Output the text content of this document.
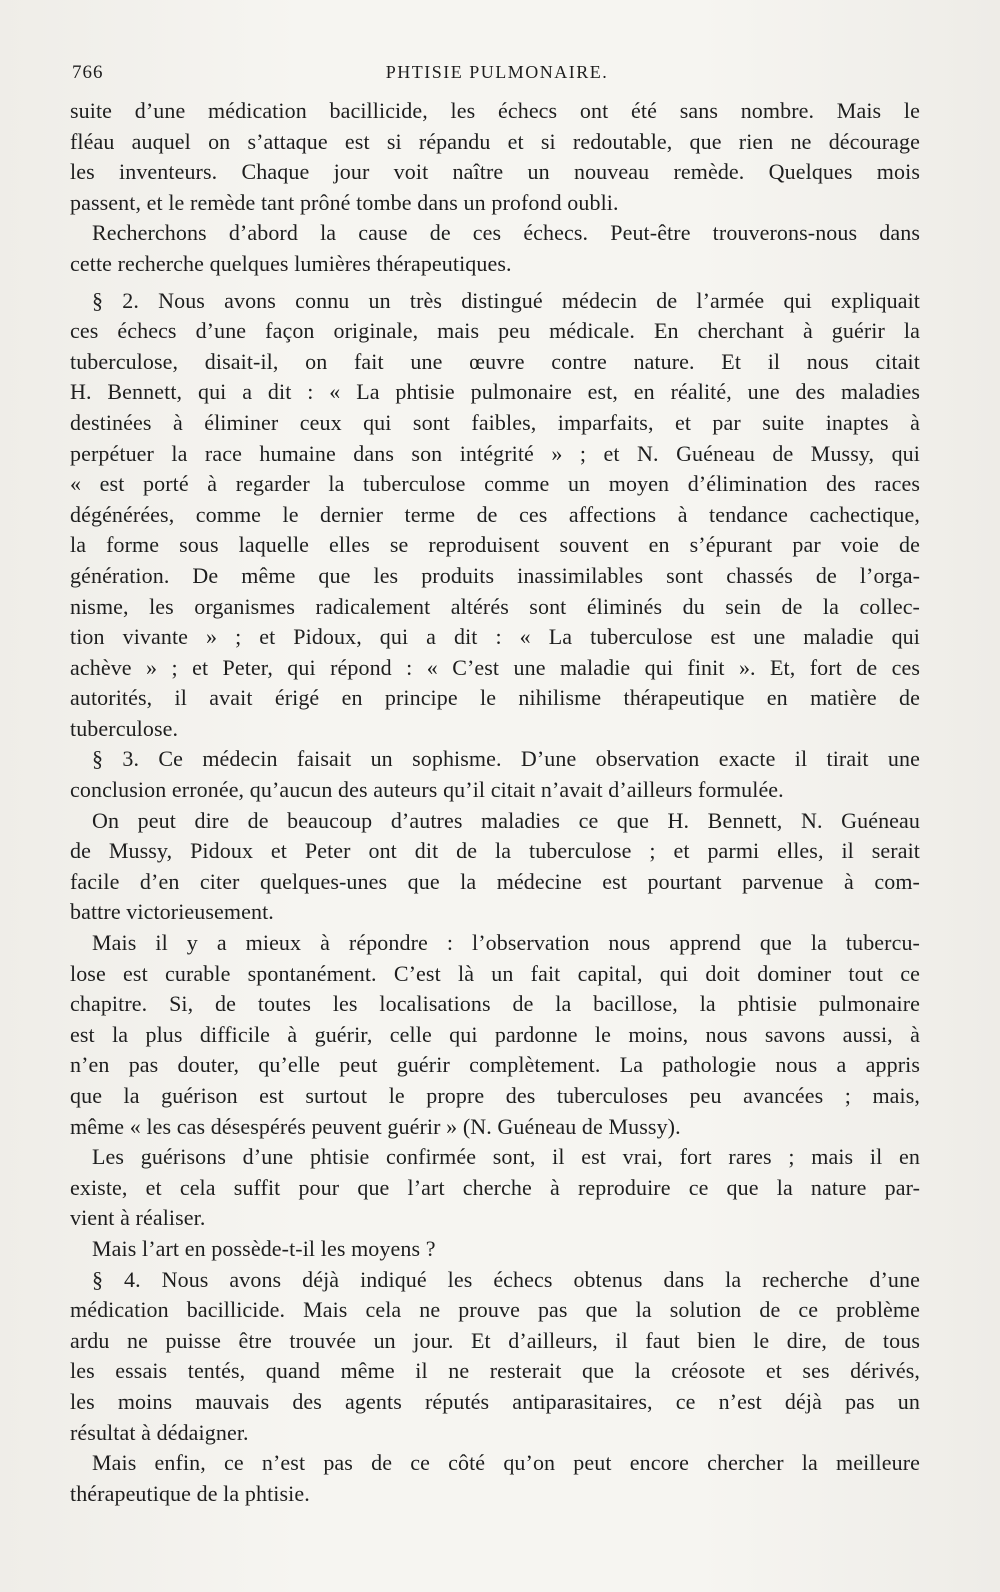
766	PHTISIE PULMONAIRE.
suite d’une médication bacillicide, les échecs ont été sans nombre. Mais le
fléau auquel on s’attaque est si répandu et si redoutable, que rien ne décourage
les inventeurs. Chaque jour voit naître un nouveau remède. Quelques mois
passent, et le remède tant prôné tombe dans un profond oubli.
Recherchons d’abord la cause de ces échecs. Peut-être trouverons-nous dans
cette recherche quelques lumières thérapeutiques.
§ 2. Nous avons connu un très distingué médecin de l’armée qui expliquait
ces échecs d’une façon originale, mais peu médicale. En cherchant à guérir la
tuberculose, disait-il, on fait une œuvre contre nature. Et il nous citait
H. Bennett, qui a dit : « La phtisie pulmonaire est, en réalité, une des maladies
destinées à éliminer ceux qui sont faibles, imparfaits, et par suite inaptes à
perpétuer la race humaine dans son intégrité » ; et N. Guéneau de Mussy, qui
« est porté à regarder la tuberculose comme un moyen d’élimination des races
dégénérées, comme le dernier terme de ces affections à tendance cachectique,
la forme sous laquelle elles se reproduisent souvent en s’épurant par voie de
génération. De même que les produits inassimilables sont chassés de l’orga-
nisme, les organismes radicalement altérés sont éliminés du sein de la collec-
tion vivante » ; et Pidoux, qui a dit : « La tuberculose est une maladie qui
achève » ; et Peter, qui répond : « C’est une maladie qui finit ». Et, fort de ces
autorités, il avait érigé en principe le nihilisme thérapeutique en matière de
tuberculose.
§ 3. Ce médecin faisait un sophisme. D’une observation exacte il tirait une
conclusion erronée, qu’aucun des auteurs qu’il citait n’avait d’ailleurs formulée.
On peut dire de beaucoup d’autres maladies ce que H. Bennett, N. Guéneau
de Mussy, Pidoux et Peter ont dit de la tuberculose ; et parmi elles, il serait
facile d’en citer quelques-unes que la médecine est pourtant parvenue à com-
battre victorieusement.
Mais il y a mieux à répondre : l’observation nous apprend que la tubercu-
lose est curable spontanément. C’est là un fait capital, qui doit dominer tout ce
chapitre. Si, de toutes les localisations de la bacillose, la phtisie pulmonaire
est la plus difficile à guérir, celle qui pardonne le moins, nous savons aussi, à
n’en pas douter, qu’elle peut guérir complètement. La pathologie nous a appris
que la guérison est surtout le propre des tuberculoses peu avancées ; mais,
même « les cas désespérés peuvent guérir » (N. Guéneau de Mussy).
Les guérisons d’une phtisie confirmée sont, il est vrai, fort rares ; mais il en
existe, et cela suffit pour que l’art cherche à reproduire ce que la nature par-
vient à réaliser.
Mais l’art en possède-t-il les moyens ?
§ 4. Nous avons déjà indiqué les échecs obtenus dans la recherche d’une
médication bacillicide. Mais cela ne prouve pas que la solution de ce problème
ardu ne puisse être trouvée un jour. Et d’ailleurs, il faut bien le dire, de tous
les essais tentés, quand même il ne resterait que la créosote et ses dérivés,
les moins mauvais des agents réputés antiparasitaires, ce n’est déjà pas un
résultat à dédaigner.
Mais enfin, ce n’est pas de ce côté qu’on peut encore chercher la meilleure
thérapeutique de la phtisie.
